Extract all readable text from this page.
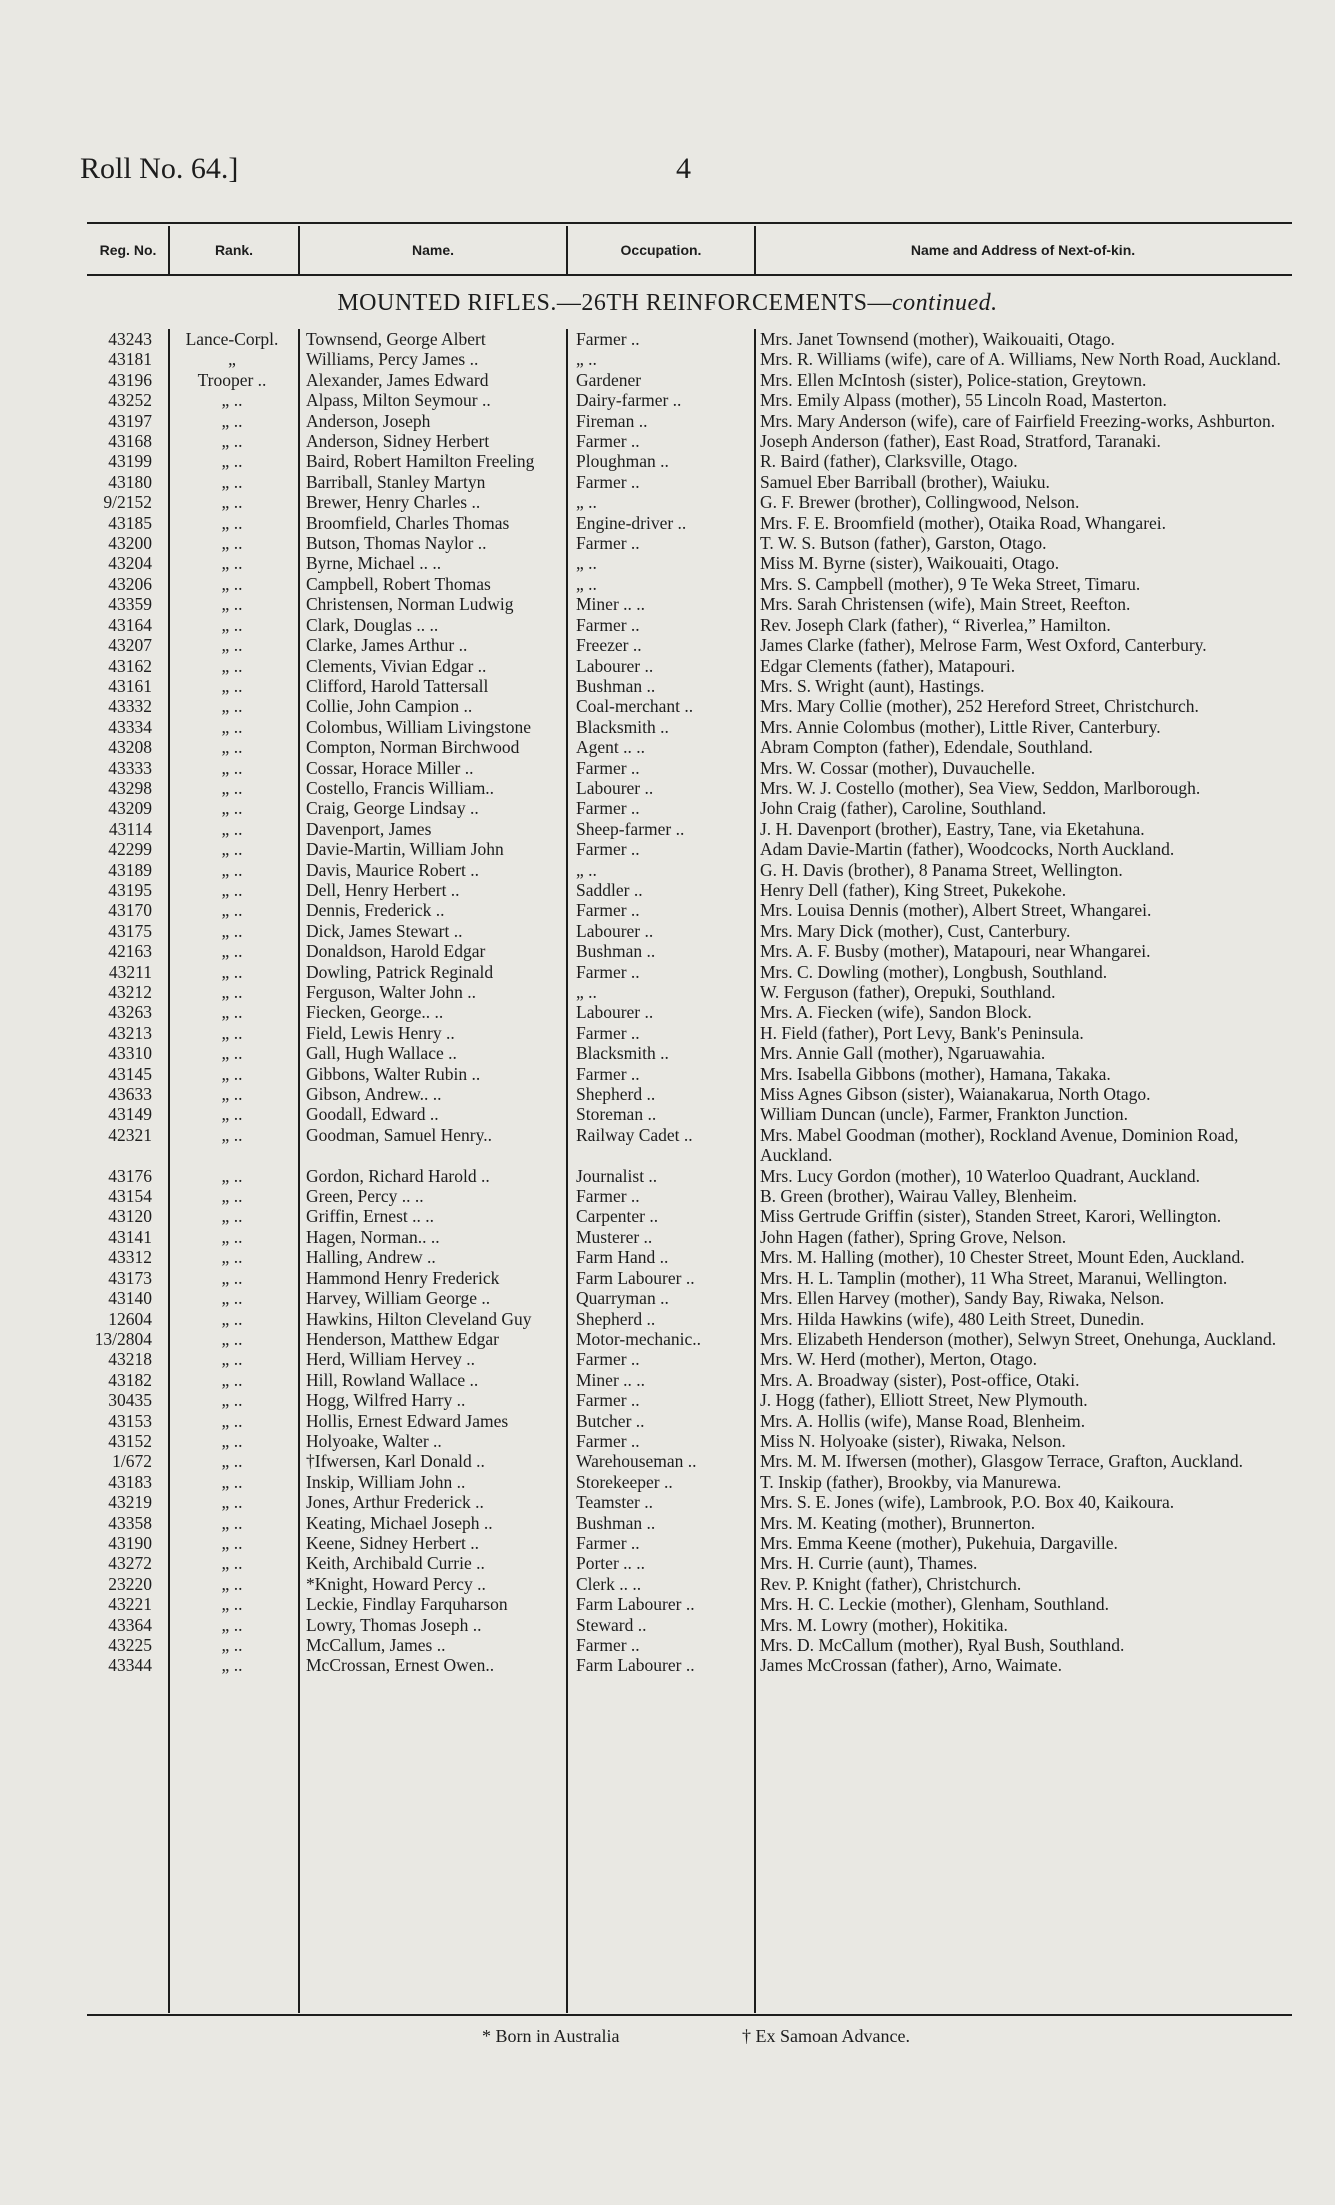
Roll No. 64.]	4
Reg. No.	Rank.	Name.	Occupation.	Name and Address of Next-of-kin.
MOUNTED RIFLES.—26TH REINFORCEMENTS—continued.
43243	Lance-Corpl.	Townsend, George Albert	Farmer ..	Mrs. Janet Townsend (mother), Waikouaiti, Otago.
43181	„	Williams, Percy James ..	„ ..	Mrs. R. Williams (wife), care of A. Williams, New North Road, Auckland.
43196	Trooper ..	Alexander, James Edward	Gardener	Mrs. Ellen McIntosh (sister), Police-station, Greytown.
43252	„ ..	Alpass, Milton Seymour ..	Dairy-farmer ..	Mrs. Emily Alpass (mother), 55 Lincoln Road, Masterton.
43197	„ ..	Anderson, Joseph	Fireman ..	Mrs. Mary Anderson (wife), care of Fairfield Freezing-works, Ashburton.
43168	„ ..	Anderson, Sidney Herbert	Farmer ..	Joseph Anderson (father), East Road, Stratford, Taranaki.
43199	„ ..	Baird, Robert Hamilton Freeling	Ploughman ..	R. Baird (father), Clarksville, Otago.
43180	„ ..	Barriball, Stanley Martyn	Farmer ..	Samuel Eber Barriball (brother), Waiuku.
9/2152	„ ..	Brewer, Henry Charles ..	„ ..	G. F. Brewer (brother), Collingwood, Nelson.
43185	„ ..	Broomfield, Charles Thomas	Engine-driver ..	Mrs. F. E. Broomfield (mother), Otaika Road, Whangarei.
43200	„ ..	Butson, Thomas Naylor ..	Farmer ..	T. W. S. Butson (father), Garston, Otago.
43204	„ ..	Byrne, Michael .. ..	„ ..	Miss M. Byrne (sister), Waikouaiti, Otago.
43206	„ ..	Campbell, Robert Thomas	„ ..	Mrs. S. Campbell (mother), 9 Te Weka Street, Timaru.
43359	„ ..	Christensen, Norman Ludwig	Miner .. ..	Mrs. Sarah Christensen (wife), Main Street, Reefton.
43164	„ ..	Clark, Douglas .. ..	Farmer ..	Rev. Joseph Clark (father), “ Riverlea,” Hamilton.
43207	„ ..	Clarke, James Arthur ..	Freezer ..	James Clarke (father), Melrose Farm, West Oxford, Canterbury.
43162	„ ..	Clements, Vivian Edgar ..	Labourer ..	Edgar Clements (father), Matapouri.
43161	„ ..	Clifford, Harold Tattersall	Bushman ..	Mrs. S. Wright (aunt), Hastings.
43332	„ ..	Collie, John Campion ..	Coal-merchant ..	Mrs. Mary Collie (mother), 252 Hereford Street, Christchurch.
43334	„ ..	Colombus, William Livingstone	Blacksmith ..	Mrs. Annie Colombus (mother), Little River, Canterbury.
43208	„ ..	Compton, Norman Birchwood	Agent .. ..	Abram Compton (father), Edendale, Southland.
43333	„ ..	Cossar, Horace Miller ..	Farmer ..	Mrs. W. Cossar (mother), Duvauchelle.
43298	„ ..	Costello, Francis William..	Labourer ..	Mrs. W. J. Costello (mother), Sea View, Seddon, Marlborough.
43209	„ ..	Craig, George Lindsay ..	Farmer ..	John Craig (father), Caroline, Southland.
43114	„ ..	Davenport, James	Sheep-farmer ..	J. H. Davenport (brother), Eastry, Tane, via Eketahuna.
42299	„ ..	Davie-Martin, William John	Farmer ..	Adam Davie-Martin (father), Woodcocks, North Auckland.
43189	„ ..	Davis, Maurice Robert ..	„ ..	G. H. Davis (brother), 8 Panama Street, Wellington.
43195	„ ..	Dell, Henry Herbert ..	Saddler ..	Henry Dell (father), King Street, Pukekohe.
43170	„ ..	Dennis, Frederick ..	Farmer ..	Mrs. Louisa Dennis (mother), Albert Street, Whangarei.
43175	„ ..	Dick, James Stewart ..	Labourer ..	Mrs. Mary Dick (mother), Cust, Canterbury.
42163	„ ..	Donaldson, Harold Edgar	Bushman ..	Mrs. A. F. Busby (mother), Matapouri, near Whangarei.
43211	„ ..	Dowling, Patrick Reginald	Farmer ..	Mrs. C. Dowling (mother), Longbush, Southland.
43212	„ ..	Ferguson, Walter John ..	„ ..	W. Ferguson (father), Orepuki, Southland.
43263	„ ..	Fiecken, George.. ..	Labourer ..	Mrs. A. Fiecken (wife), Sandon Block.
43213	„ ..	Field, Lewis Henry ..	Farmer ..	H. Field (father), Port Levy, Bank's Peninsula.
43310	„ ..	Gall, Hugh Wallace ..	Blacksmith ..	Mrs. Annie Gall (mother), Ngaruawahia.
43145	„ ..	Gibbons, Walter Rubin ..	Farmer ..	Mrs. Isabella Gibbons (mother), Hamana, Takaka.
43633	„ ..	Gibson, Andrew.. ..	Shepherd ..	Miss Agnes Gibson (sister), Waianakarua, North Otago.
43149	„ ..	Goodall, Edward ..	Storeman ..	William Duncan (uncle), Farmer, Frankton Junction.
42321	„ ..	Goodman, Samuel Henry..	Railway Cadet ..	Mrs. Mabel Goodman (mother), Rockland Avenue, Dominion Road, Auckland.
43176	„ ..	Gordon, Richard Harold ..	Journalist ..	Mrs. Lucy Gordon (mother), 10 Waterloo Quadrant, Auckland.
43154	„ ..	Green, Percy .. ..	Farmer ..	B. Green (brother), Wairau Valley, Blenheim.
43120	„ ..	Griffin, Ernest .. ..	Carpenter ..	Miss Gertrude Griffin (sister), Standen Street, Karori, Wellington.
43141	„ ..	Hagen, Norman.. ..	Musterer ..	John Hagen (father), Spring Grove, Nelson.
43312	„ ..	Halling, Andrew ..	Farm Hand ..	Mrs. M. Halling (mother), 10 Chester Street, Mount Eden, Auckland.
43173	„ ..	Hammond Henry Frederick	Farm Labourer ..	Mrs. H. L. Tamplin (mother), 11 Wha Street, Maranui, Wellington.
43140	„ ..	Harvey, William George ..	Quarryman ..	Mrs. Ellen Harvey (mother), Sandy Bay, Riwaka, Nelson.
12604	„ ..	Hawkins, Hilton Cleveland Guy	Shepherd ..	Mrs. Hilda Hawkins (wife), 480 Leith Street, Dunedin.
13/2804	„ ..	Henderson, Matthew Edgar	Motor-mechanic..	Mrs. Elizabeth Henderson (mother), Selwyn Street, Onehunga, Auckland.
43218	„ ..	Herd, William Hervey ..	Farmer ..	Mrs. W. Herd (mother), Merton, Otago.
43182	„ ..	Hill, Rowland Wallace ..	Miner .. ..	Mrs. A. Broadway (sister), Post-office, Otaki.
30435	„ ..	Hogg, Wilfred Harry ..	Farmer ..	J. Hogg (father), Elliott Street, New Plymouth.
43153	„ ..	Hollis, Ernest Edward James	Butcher ..	Mrs. A. Hollis (wife), Manse Road, Blenheim.
43152	„ ..	Holyoake, Walter ..	Farmer ..	Miss N. Holyoake (sister), Riwaka, Nelson.
1/672	„ ..	†Ifwersen, Karl Donald ..	Warehouseman ..	Mrs. M. M. Ifwersen (mother), Glasgow Terrace, Grafton, Auckland.
43183	„ ..	Inskip, William John ..	Storekeeper ..	T. Inskip (father), Brookby, via Manurewa.
43219	„ ..	Jones, Arthur Frederick ..	Teamster ..	Mrs. S. E. Jones (wife), Lambrook, P.O. Box 40, Kaikoura.
43358	„ ..	Keating, Michael Joseph ..	Bushman ..	Mrs. M. Keating (mother), Brunnerton.
43190	„ ..	Keene, Sidney Herbert ..	Farmer ..	Mrs. Emma Keene (mother), Pukehuia, Dargaville.
43272	„ ..	Keith, Archibald Currie ..	Porter .. ..	Mrs. H. Currie (aunt), Thames.
23220	„ ..	*Knight, Howard Percy ..	Clerk .. ..	Rev. P. Knight (father), Christchurch.
43221	„ ..	Leckie, Findlay Farquharson	Farm Labourer ..	Mrs. H. C. Leckie (mother), Glenham, Southland.
43364	„ ..	Lowry, Thomas Joseph ..	Steward ..	Mrs. M. Lowry (mother), Hokitika.
43225	„ ..	McCallum, James ..	Farmer ..	Mrs. D. McCallum (mother), Ryal Bush, Southland.
43344	„ ..	McCrossan, Ernest Owen..	Farm Labourer ..	James McCrossan (father), Arno, Waimate.
* Born in Australia	† Ex Samoan Advance.
